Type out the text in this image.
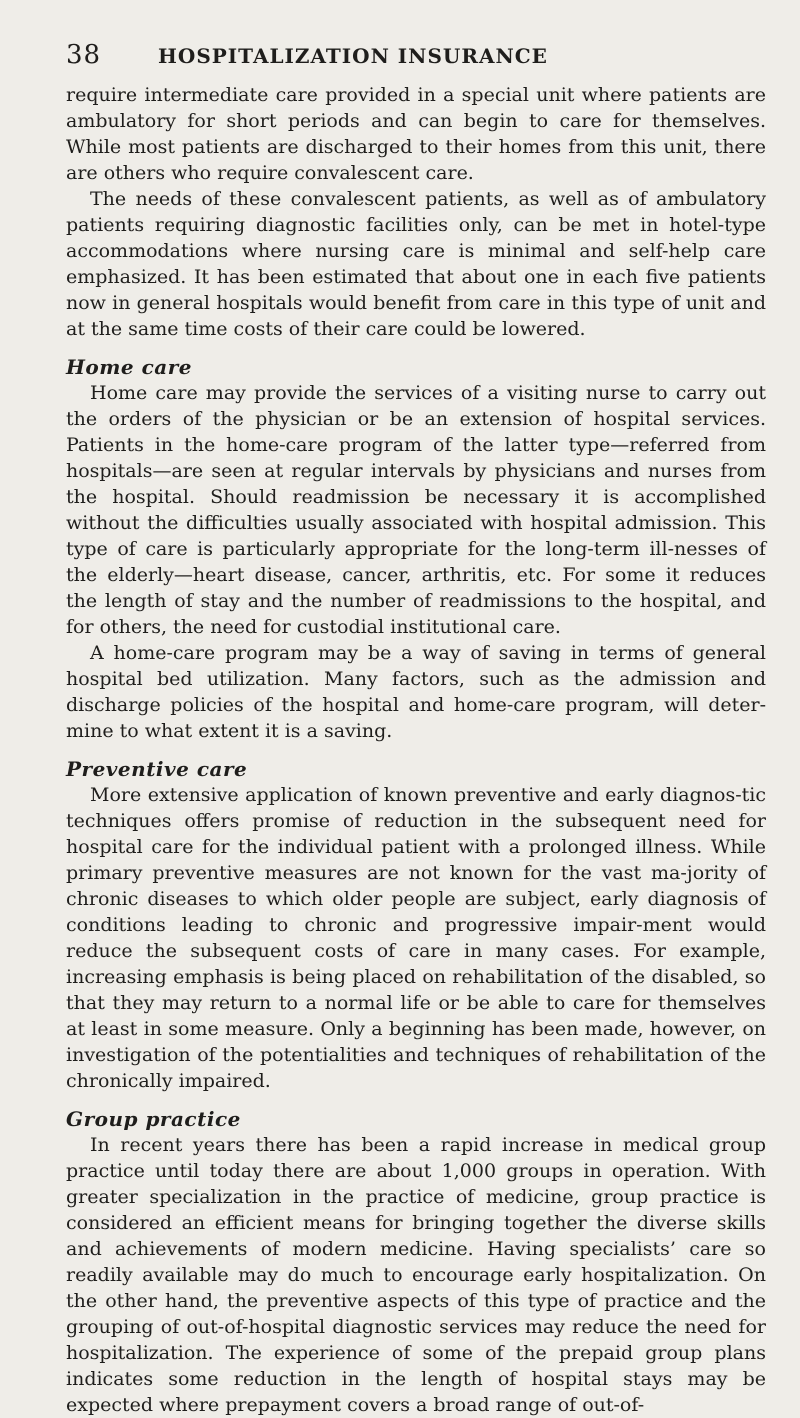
38	HOSPITALIZATION INSURANCE

require intermediate care provided in a special unit where patients are ambulatory for short periods and can begin to care for themselves. While most patients are discharged to their homes from this unit, there are others who require convalescent care.

The needs of these convalescent patients, as well as of ambulatory patients requiring diagnostic facilities only, can be met in hotel-type accommodations where nursing care is minimal and self-help care emphasized. It has been estimated that about one in each five patients now in general hospitals would benefit from care in this type of unit and at the same time costs of their care could be lowered.

Home care

Home care may provide the services of a visiting nurse to carry out the orders of the physician or be an extension of hospital services. Patients in the home-care program of the latter type—referred from hospitals—are seen at regular intervals by physicians and nurses from the hospital. Should readmission be necessary it is accomplished without the difficulties usually associated with hospital admission. This type of care is particularly appropriate for the long-term ill-nesses of the elderly—heart disease, cancer, arthritis, etc. For some it reduces the length of stay and the number of readmissions to the hospital, and for others, the need for custodial institutional care.

A home-care program may be a way of saving in terms of general hospital bed utilization. Many factors, such as the admission and discharge policies of the hospital and home-care program, will deter-mine to what extent it is a saving.

Preventive care

More extensive application of known preventive and early diagnos-tic techniques offers promise of reduction in the subsequent need for hospital care for the individual patient with a prolonged illness. While primary preventive measures are not known for the vast ma-jority of chronic diseases to which older people are subject, early diagnosis of conditions leading to chronic and progressive impair-ment would reduce the subsequent costs of care in many cases. For example, increasing emphasis is being placed on rehabilitation of the disabled, so that they may return to a normal life or be able to care for themselves at least in some measure. Only a beginning has been made, however, on investigation of the potentialities and techniques of rehabilitation of the chronically impaired.

Group practice

In recent years there has been a rapid increase in medical group practice until today there are about 1,000 groups in operation. With greater specialization in the practice of medicine, group practice is considered an efficient means for bringing together the diverse skills and achievements of modern medicine. Having specialists’ care so readily available may do much to encourage early hospitalization. On the other hand, the preventive aspects of this type of practice and the grouping of out-of-hospital diagnostic services may reduce the need for hospitalization. The experience of some of the prepaid group plans indicates some reduction in the length of hospital stays may be expected where prepayment covers a broad range of out-of-
